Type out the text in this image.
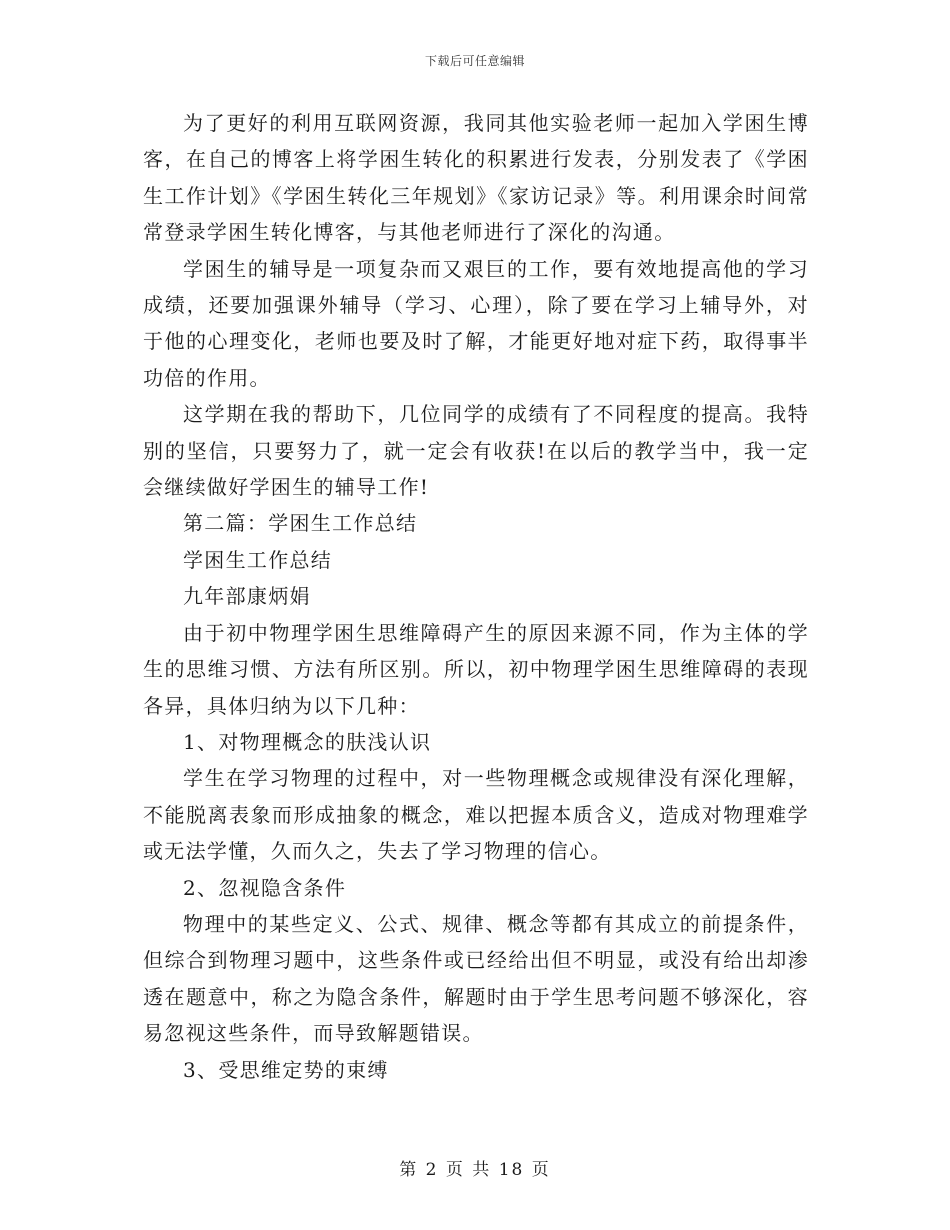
下载后可任意编辑

为了更好的利用互联网资源，我同其他实验老师一起加入学困生博客，在自己的博客上将学困生转化的积累进行发表，分别发表了《学困生工作计划》《学困生转化三年规划》《家访记录》等。利用课余时间常常登录学困生转化博客，与其他老师进行了深化的沟通。

学困生的辅导是一项复杂而又艰巨的工作，要有效地提高他的学习成绩，还要加强课外辅导（学习、心理），除了要在学习上辅导外，对于他的心理变化，老师也要及时了解，才能更好地对症下药，取得事半功倍的作用。

这学期在我的帮助下，几位同学的成绩有了不同程度的提高。我特别的坚信，只要努力了，就一定会有收获!在以后的教学当中，我一定会继续做好学困生的辅导工作!

第二篇：学困生工作总结

学困生工作总结

九年部康炳娟

由于初中物理学困生思维障碍产生的原因来源不同，作为主体的学生的思维习惯、方法有所区别。所以，初中物理学困生思维障碍的表现各异，具体归纳为以下几种：

1、对物理概念的肤浅认识

学生在学习物理的过程中，对一些物理概念或规律没有深化理解，不能脱离表象而形成抽象的概念，难以把握本质含义，造成对物理难学或无法学懂，久而久之，失去了学习物理的信心。

2、忽视隐含条件

物理中的某些定义、公式、规律、概念等都有其成立的前提条件，但综合到物理习题中，这些条件或已经给出但不明显，或没有给出却渗透在题意中，称之为隐含条件，解题时由于学生思考问题不够深化，容易忽视这些条件，而导致解题错误。

3、受思维定势的束缚

第 2 页 共 18 页
